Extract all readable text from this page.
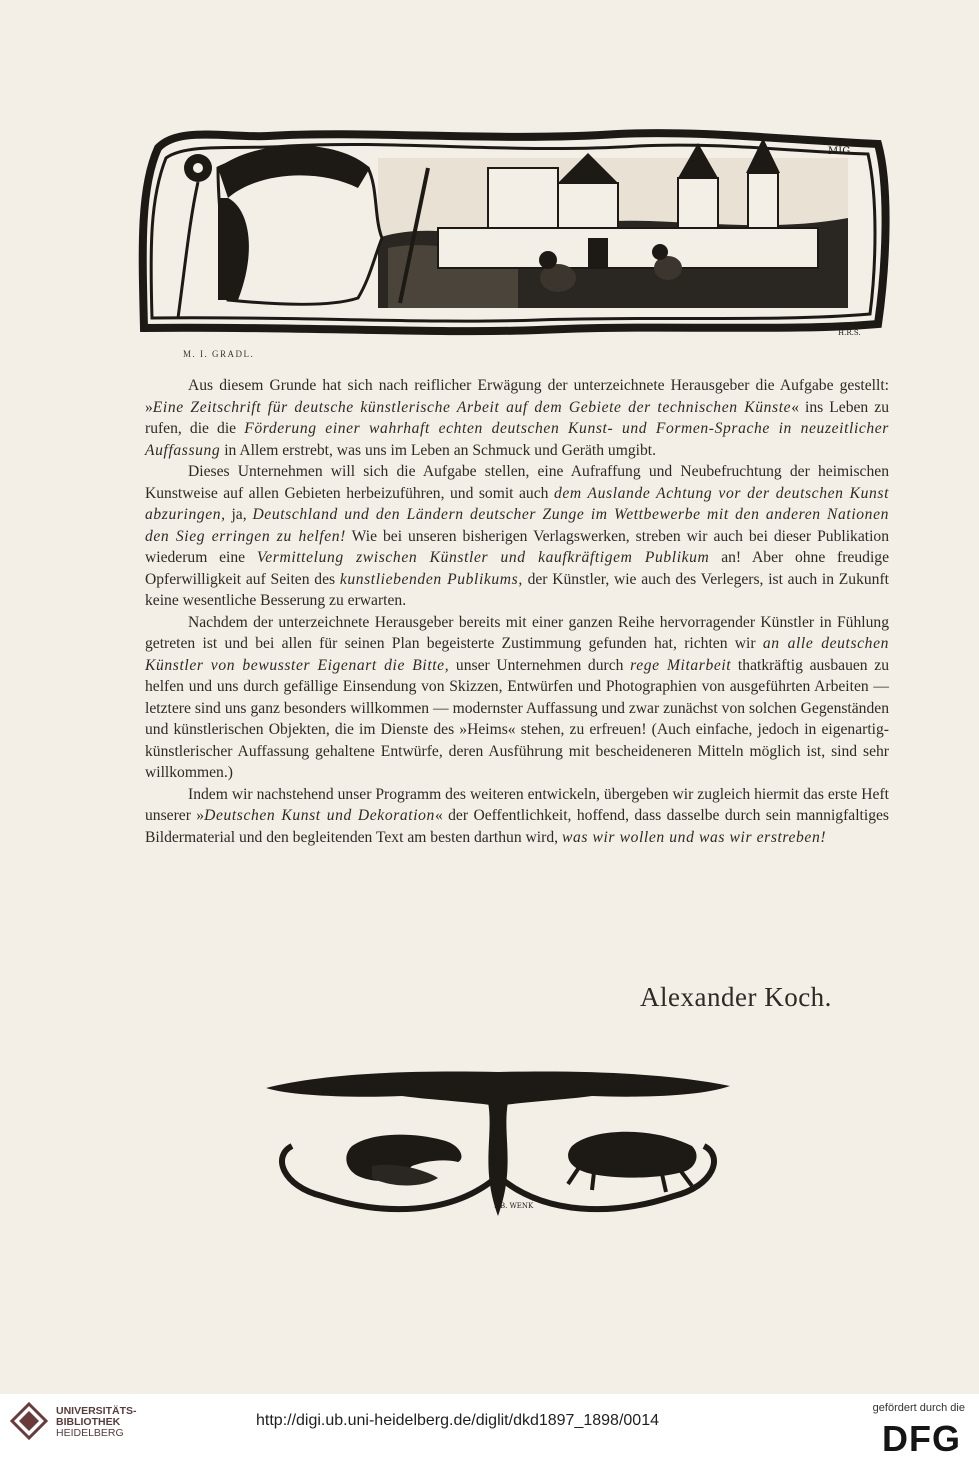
MIG
H.R.S.
M. I. GRADL.

Aus diesem Grunde hat sich nach reiflicher Erwägung der unterzeichnete Herausgeber die Aufgabe gestellt: »Eine Zeitschrift für deutsche künstlerische Arbeit auf dem Gebiete der technischen Künste« ins Leben zu rufen, die die Förderung einer wahrhaft echten deutschen Kunst- und Formen-Sprache in neuzeitlicher Auffassung in Allem erstrebt, was uns im Leben an Schmuck und Geräth umgibt.

Dieses Unternehmen will sich die Aufgabe stellen, eine Aufraffung und Neubefruchtung der heimischen Kunstweise auf allen Gebieten herbeizuführen, und somit auch dem Auslande Achtung vor der deutschen Kunst abzuringen, ja, Deutschland und den Ländern deutscher Zunge im Wettbewerbe mit den anderen Nationen den Sieg erringen zu helfen! Wie bei unseren bisherigen Verlagswerken, streben wir auch bei dieser Publikation wiederum eine Vermittelung zwischen Künstler und kaufkräftigem Publikum an! Aber ohne freudige Opferwilligkeit auf Seiten des kunstliebenden Publikums, der Künstler, wie auch des Verlegers, ist auch in Zukunft keine wesentliche Besserung zu erwarten.

Nachdem der unterzeichnete Herausgeber bereits mit einer ganzen Reihe hervorragender Künstler in Fühlung getreten ist und bei allen für seinen Plan begeisterte Zustimmung gefunden hat, richten wir an alle deutschen Künstler von bewusster Eigenart die Bitte, unser Unternehmen durch rege Mitarbeit thatkräftig ausbauen zu helfen und uns durch gefällige Einsendung von Skizzen, Entwürfen und Photographien von ausgeführten Arbeiten — letztere sind uns ganz besonders willkommen — modernster Auffassung und zwar zunächst von solchen Gegenständen und künstlerischen Objekten, die im Dienste des »Heims« stehen, zu erfreuen! (Auch einfache, jedoch in eigenartig-künstlerischer Auffassung gehaltene Entwürfe, deren Ausführung mit bescheideneren Mitteln möglich ist, sind sehr willkommen.)

Indem wir nachstehend unser Programm des weiteren entwickeln, übergeben wir zugleich hiermit das erste Heft unserer »Deutschen Kunst und Dekoration« der Oeffentlichkeit, hoffend, dass dasselbe durch sein mannigfaltiges Bildermaterial und den begleitenden Text am besten darthun wird, was wir wollen und was wir erstreben!

Alexander Koch.
F.B. WENK
UNIVERSITÄTS-
BIBLIOTHEK
HEIDELBERG
http://digi.ub.uni-heidelberg.de/diglit/dkd1897_1898/0014
gefördert durch die
DFG
